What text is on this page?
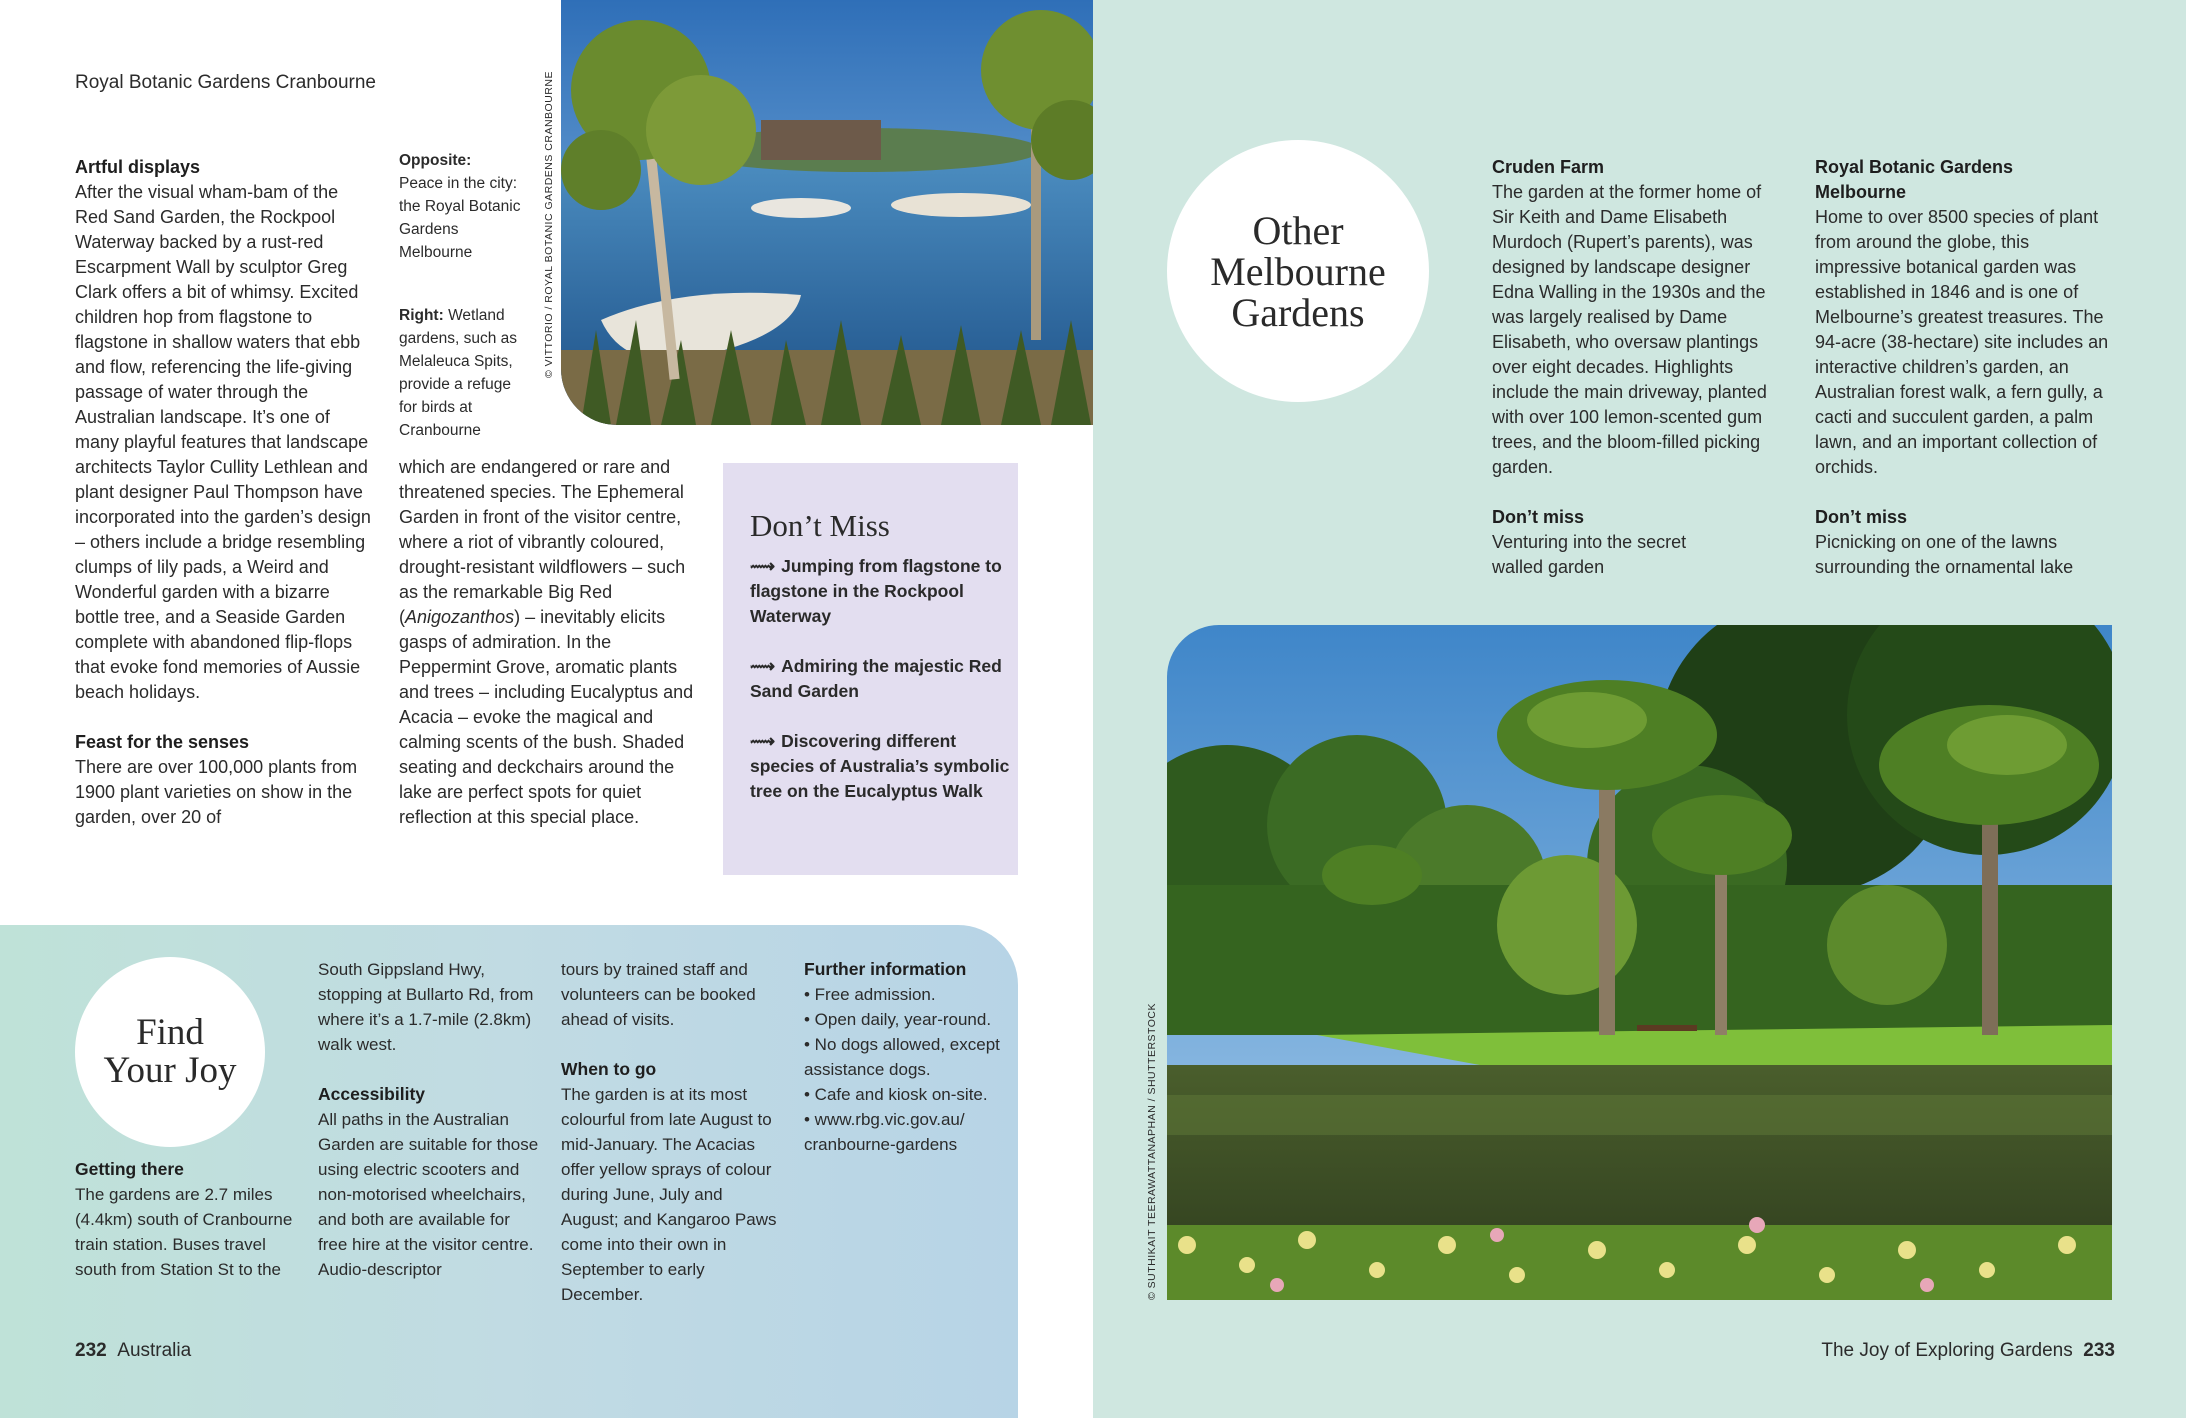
Royal Botanic Gardens Cranbourne
Artful displays
After the visual wham-bam of the Red Sand Garden, the Rockpool Waterway backed by a rust-red Escarpment Wall by sculptor Greg Clark offers a bit of whimsy. Excited children hop from flagstone to flagstone in shallow waters that ebb and flow, referencing the life-giving passage of water through the Australian landscape. It’s one of many playful features that landscape architects Taylor Cullity Lethlean and plant designer Paul Thompson have incorporated into the garden’s design – others include a bridge resembling clumps of lily pads, a Weird and Wonderful garden with a bizarre bottle tree, and a Seaside Garden complete with abandoned flip-flops that evoke fond memories of Aussie beach holidays.
Feast for the senses
There are over 100,000 plants from 1900 plant varieties on show in the garden, over 20 of
Opposite:
Peace in the city: the Royal Botanic Gardens Melbourne
Right: Wetland gardens, such as Melaleuca Spits, provide a refuge for birds at Cranbourne
© VITTORIO / ROYAL BOTANIC GARDENS CRANBOURNE
which are endangered or rare and threatened species. The Ephemeral Garden in front of the visitor centre, where a riot of vibrantly coloured, drought-resistant wildflowers – such as the remarkable Big Red (Anigozanthos) – inevitably elicits gasps of admiration. In the Peppermint Grove, aromatic plants and trees – including Eucalyptus and Acacia – evoke the magical and calming scents of the bush. Shaded seating and deckchairs around the lake are perfect spots for quiet reflection at this special place.
Don’t Miss
⟿ Jumping from flagstone to flagstone in the Rockpool Waterway
⟿ Admiring the majestic Red Sand Garden
⟿ Discovering different species of Australia’s symbolic tree on the Eucalyptus Walk
Find
Your Joy
Getting there
The gardens are 2.7 miles (4.4km) south of Cranbourne train station. Buses travel south from Station St to the
South Gippsland Hwy, stopping at Bullarto Rd, from where it’s a 1.7-mile (2.8km) walk west.
Accessibility
All paths in the Australian Garden are suitable for those using electric scooters and non-motorised wheelchairs, and both are available for free hire at the visitor centre. Audio-descriptor
tours by trained staff and volunteers can be booked ahead of visits.
When to go
The garden is at its most colourful from late August to mid-January. The Acacias offer yellow sprays of colour during June, July and August; and Kangaroo Paws come into their own in September to early December.
Further information
• Free admission.
• Open daily, year-round.
• No dogs allowed, except assistance dogs.
• Cafe and kiosk on-site.
• www.rbg.vic.gov.au/ cranbourne-gardens
232 Australia
Other
Melbourne
Gardens
Cruden Farm
The garden at the former home of Sir Keith and Dame Elisabeth Murdoch (Rupert’s parents), was designed by landscape designer Edna Walling in the 1930s and the was largely realised by Dame Elisabeth, who oversaw plantings over eight decades. Highlights include the main driveway, planted with over 100 lemon-scented gum trees, and the bloom-filled picking garden.
Don’t miss
Venturing into the secret walled garden
Royal Botanic Gardens Melbourne
Home to over 8500 species of plant from around the globe, this impressive botanical garden was established in 1846 and is one of Melbourne’s greatest treasures. The 94-acre (38-hectare) site includes an interactive children’s garden, an Australian forest walk, a fern gully, a cacti and succulent garden, a palm lawn, and an important collection of orchids.
Don’t miss
Picnicking on one of the lawns surrounding the ornamental lake
© SUTHIKAIT TEERAWATTANAPHAN / SHUTTERSTOCK
The Joy of Exploring Gardens 233
